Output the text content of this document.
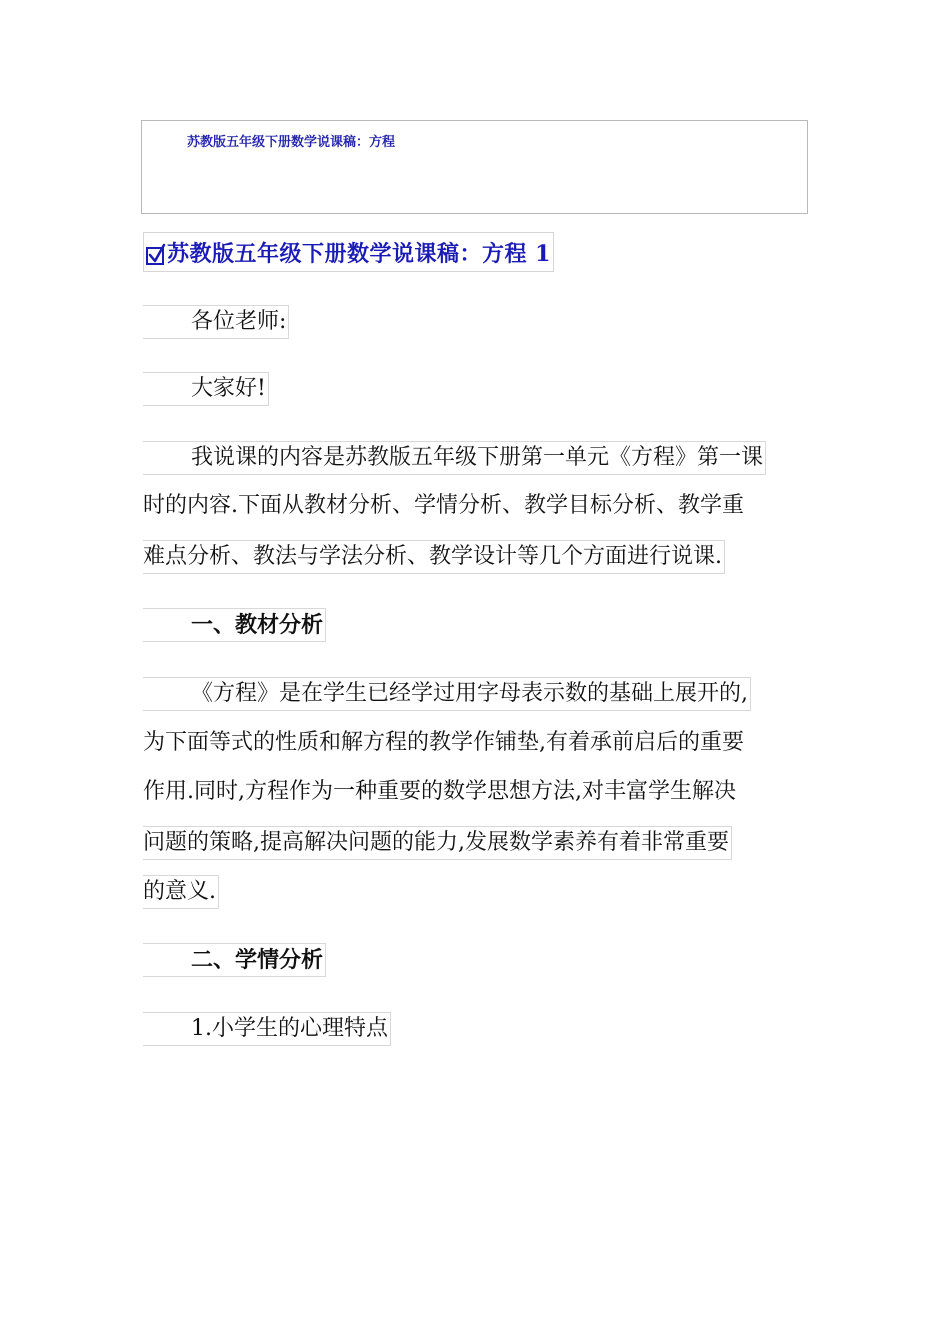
苏教版五年级下册数学说课稿：方程
苏教版五年级下册数学说课稿：方程 1
各位老师:
大家好!
我说课的内容是苏教版五年级下册第一单元《方程》第一课
时的内容.下面从教材分析、学情分析、教学目标分析、教学重
难点分析、教法与学法分析、教学设计等几个方面进行说课.
一、教材分析
《方程》是在学生已经学过用字母表示数的基础上展开的,
为下面等式的性质和解方程的教学作铺垫,有着承前启后的重要
作用.同时,方程作为一种重要的数学思想方法,对丰富学生解决
问题的策略,提高解决问题的能力,发展数学素养有着非常重要
的意义.
二、学情分析
1.小学生的心理特点
